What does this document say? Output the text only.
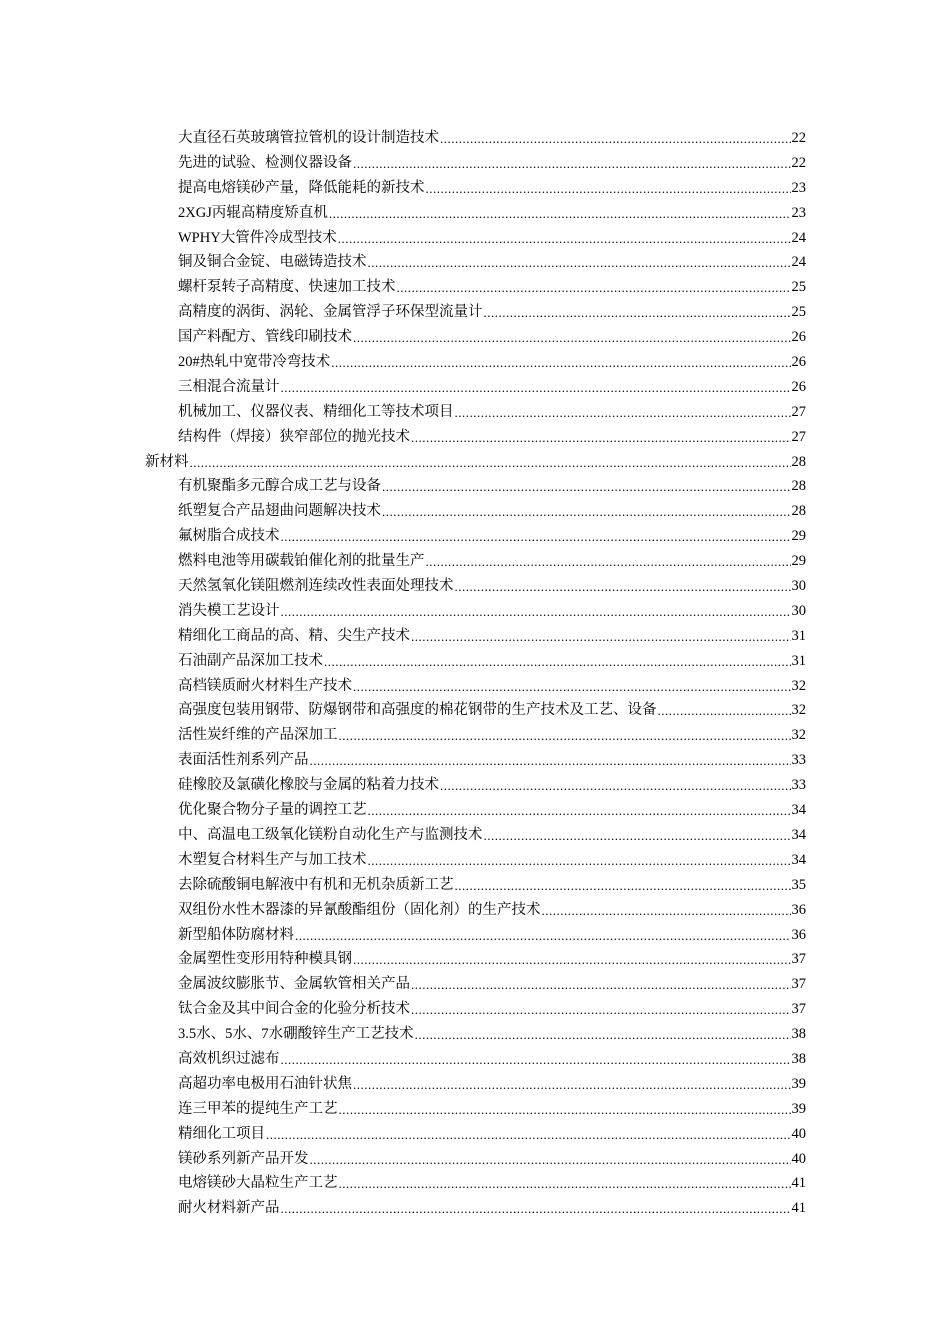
大直径石英玻璃管拉管机的设计制造技术 .....	22
先进的试验、检测仪器设备 .....	22
提高电熔镁砂产量，降低能耗的新技术 .....	23
2XGJ丙辊高精度矫直机 .....	23
WPHY大管件冷成型技术 .....	24
铜及铜合金锭、电磁铸造技术 .....	24
螺杆泵转子高精度、快速加工技术 .....	25
高精度的涡街、涡轮、金属管浮子环保型流量计 .....	25
国产料配方、管线印刷技术 .....	26
20#热轧中宽带冷弯技术 .....	26
三相混合流量计 .....	26
机械加工、仪器仪表、精细化工等技术项目 .....	27
结构件（焊接）狭窄部位的抛光技术 .....	27
新材料 .....	28
有机聚酯多元醇合成工艺与设备 .....	28
纸塑复合产品翅曲问题解决技术 .....	28
氟树脂合成技术 .....	29
燃料电池等用碳载铂催化剂的批量生产 .....	29
天然氢氧化镁阻燃剂连续改性表面处理技术 .....	30
消失模工艺设计 .....	30
精细化工商品的高、精、尖生产技术 .....	31
石油副产品深加工技术 .....	31
高档镁质耐火材料生产技术 .....	32
高强度包装用钢带、防爆钢带和高强度的棉花钢带的生产技术及工艺、设备 .....	32
活性炭纤维的产品深加工 .....	32
表面活性剂系列产品 .....	33
硅橡胶及氯磺化橡胶与金属的粘着力技术 .....	33
优化聚合物分子量的调控工艺 .....	34
中、高温电工级氧化镁粉自动化生产与监测技术 .....	34
木塑复合材料生产与加工技术 .....	34
去除硫酸铜电解液中有机和无机杂质新工艺 .....	35
双组份水性木器漆的异氰酸酯组份（固化剂）的生产技术 .....	36
新型船体防腐材料 .....	36
金属塑性变形用特种模具钢 .....	37
金属波纹膨胀节、金属软管相关产品 .....	37
钛合金及其中间合金的化验分析技术 .....	37
3.5水、5水、7水硼酸锌生产工艺技术 .....	38
高效机织过滤布 .....	38
高超功率电极用石油针状焦 .....	39
连三甲苯的提纯生产工艺 .....	39
精细化工项目 .....	40
镁砂系列新产品开发 .....	40
电熔镁砂大晶粒生产工艺 .....	41
耐火材料新产品 .....	41
